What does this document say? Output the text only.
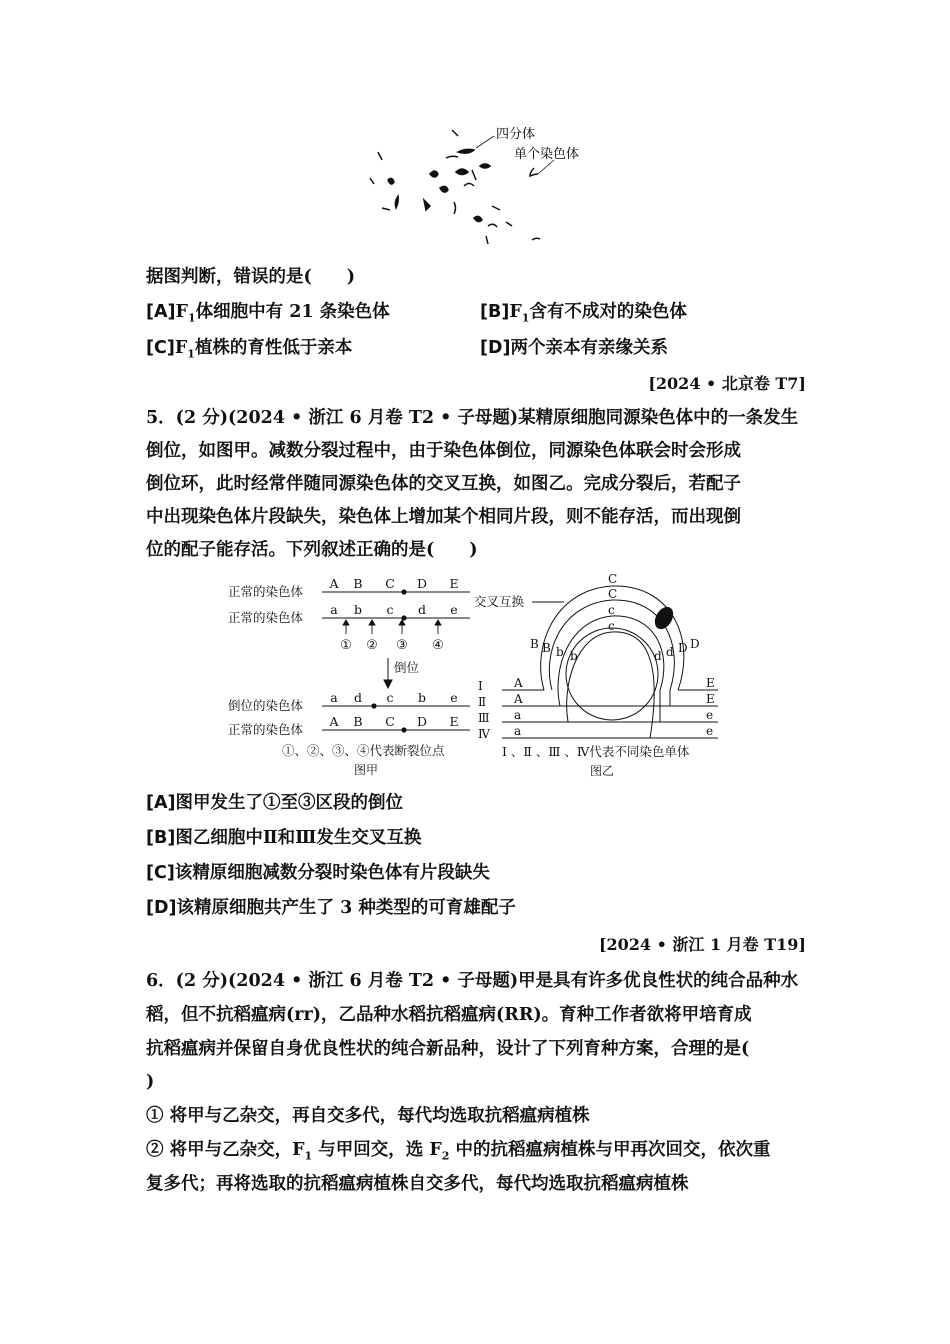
四分体
单个染色体
据图判断，错误的是(　　)
$[A]F_1$体细胞中有 21 条染色体	$[B]F_1$含有不成对的染色体
$[C]F_1$植株的育性低于亲本	[D]两个亲本有亲缘关系
[2024 • 北京卷 T7]
5．(2 分)(2024 • 浙江 6 月卷 T2 • 子母题)某精原细胞同源染色体中的一条发生
倒位，如图甲。减数分裂过程中，由于染色体倒位，同源染色体联会时会形成
倒位环，此时经常伴随同源染色体的交叉互换，如图乙。完成分裂后，若配子
中出现染色体片段缺失，染色体上增加某个相同片段，则不能存活，而出现倒
位的配子能存活。下列叙述正确的是(　　)
正常的染色体
正常的染色体
倒位的染色体
正常的染色体
A B C D E
a b c d e
a d c b e
A B C D E
① ② ③ ④
倒位
①、②、③、④代表断裂位点
图甲
交叉互换
Ⅰ
Ⅱ
Ⅲ
Ⅳ
A
A
a
a
E
E
e
e
C
C
c
c
B B b b
D
D
d
d
Ⅰ 、Ⅱ 、Ⅲ 、Ⅳ代表不同染色单体
图乙
[A]图甲发生了①至③区段的倒位
[B]图乙细胞中Ⅱ和Ⅲ发生交叉互换
[C]该精原细胞减数分裂时染色体有片段缺失
[D]该精原细胞共产生了 3 种类型的可育雄配子
[2024 • 浙江 1 月卷 T19]
6．(2 分)(2024 • 浙江 6 月卷 T2 • 子母题)甲是具有许多优良性状的纯合品种水
稻，但不抗稻瘟病(rr)，乙品种水稻抗稻瘟病(RR)。育种工作者欲将甲培育成
抗稻瘟病并保留自身优良性状的纯合新品种，设计了下列育种方案，合理的是(
)
① 将甲与乙杂交，再自交多代，每代均选取抗稻瘟病植株
② 将甲与乙杂交，$F_1$ 与甲回交，选 $F_2$ 中的抗稻瘟病植株与甲再次回交，依次重
复多代；再将选取的抗稻瘟病植株自交多代，每代均选取抗稻瘟病植株
